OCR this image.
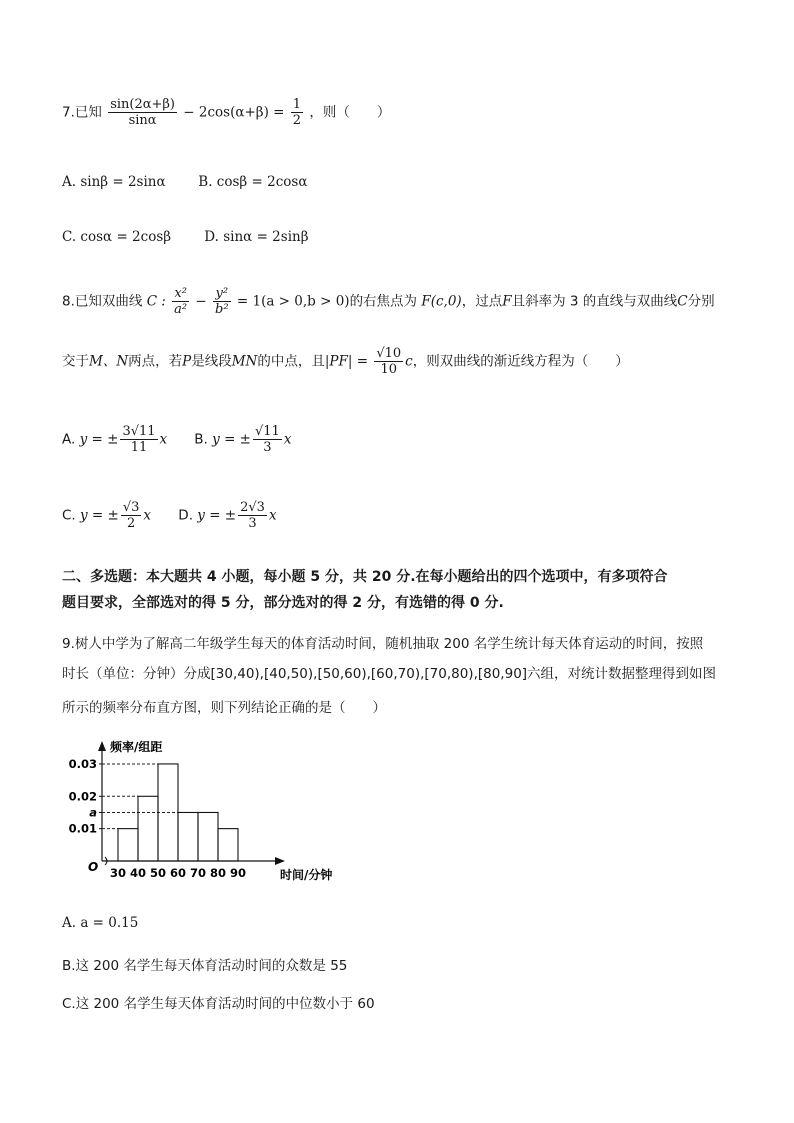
7.已知 $\frac{\sin(2\alpha+\beta)}{\sin\alpha} - 2\cos(\alpha+\beta) = \frac{1}{2}$ ，则（　　）
A. sinβ = 2sinα B. cosβ = 2cosα
C. cosα = 2cosβ D. sinα = 2sinβ
8.已知双曲线 C : $\frac{\text{x²}}{\text{a²}} - \frac{\text{y²}}{\text{b²}} = 1(a > 0,b > 0)$的右焦点为 F(c,0)，过点F且斜率为 3 的直线与双曲线C分别
交于M、N两点，若P是线段MN的中点，且$|PF| = \frac{√10}{10}$ c，则双曲线的渐近线方程为（　　）
A. y = ± $\frac{3√11}{11}$ x B. y = ± $\frac{√11}{3}$ x
C. y = ± $\frac{√3}{2}$ x D. y = ± $\frac{2√3}{3}$ x
二、多选题：本大题共 4 小题，每小题 5 分，共 20 分.在每小题给出的四个选项中，有多项符合
题目要求，全部选对的得 5 分，部分选对的得 2 分，有选错的得 0 分.
9.树人中学为了解高二年级学生每天的体育活动时间，随机抽取 200 名学生统计每天体育运动的时间，按照
时长（单位：分钟）分成[30,40),[40,50),[50,60),[60,70),[70,80),[80,90]六组，对统计数据整理得到如图
所示的频率分布直方图，则下列结论正确的是（　　）
0.03
0.02
a
0.01
30 40 50 60 70 80 90
O
频率/组距
时间/分钟
A. a = 0.15
B.这 200 名学生每天体育活动时间的众数是 55
C.这 200 名学生每天体育活动时间的中位数小于 60
